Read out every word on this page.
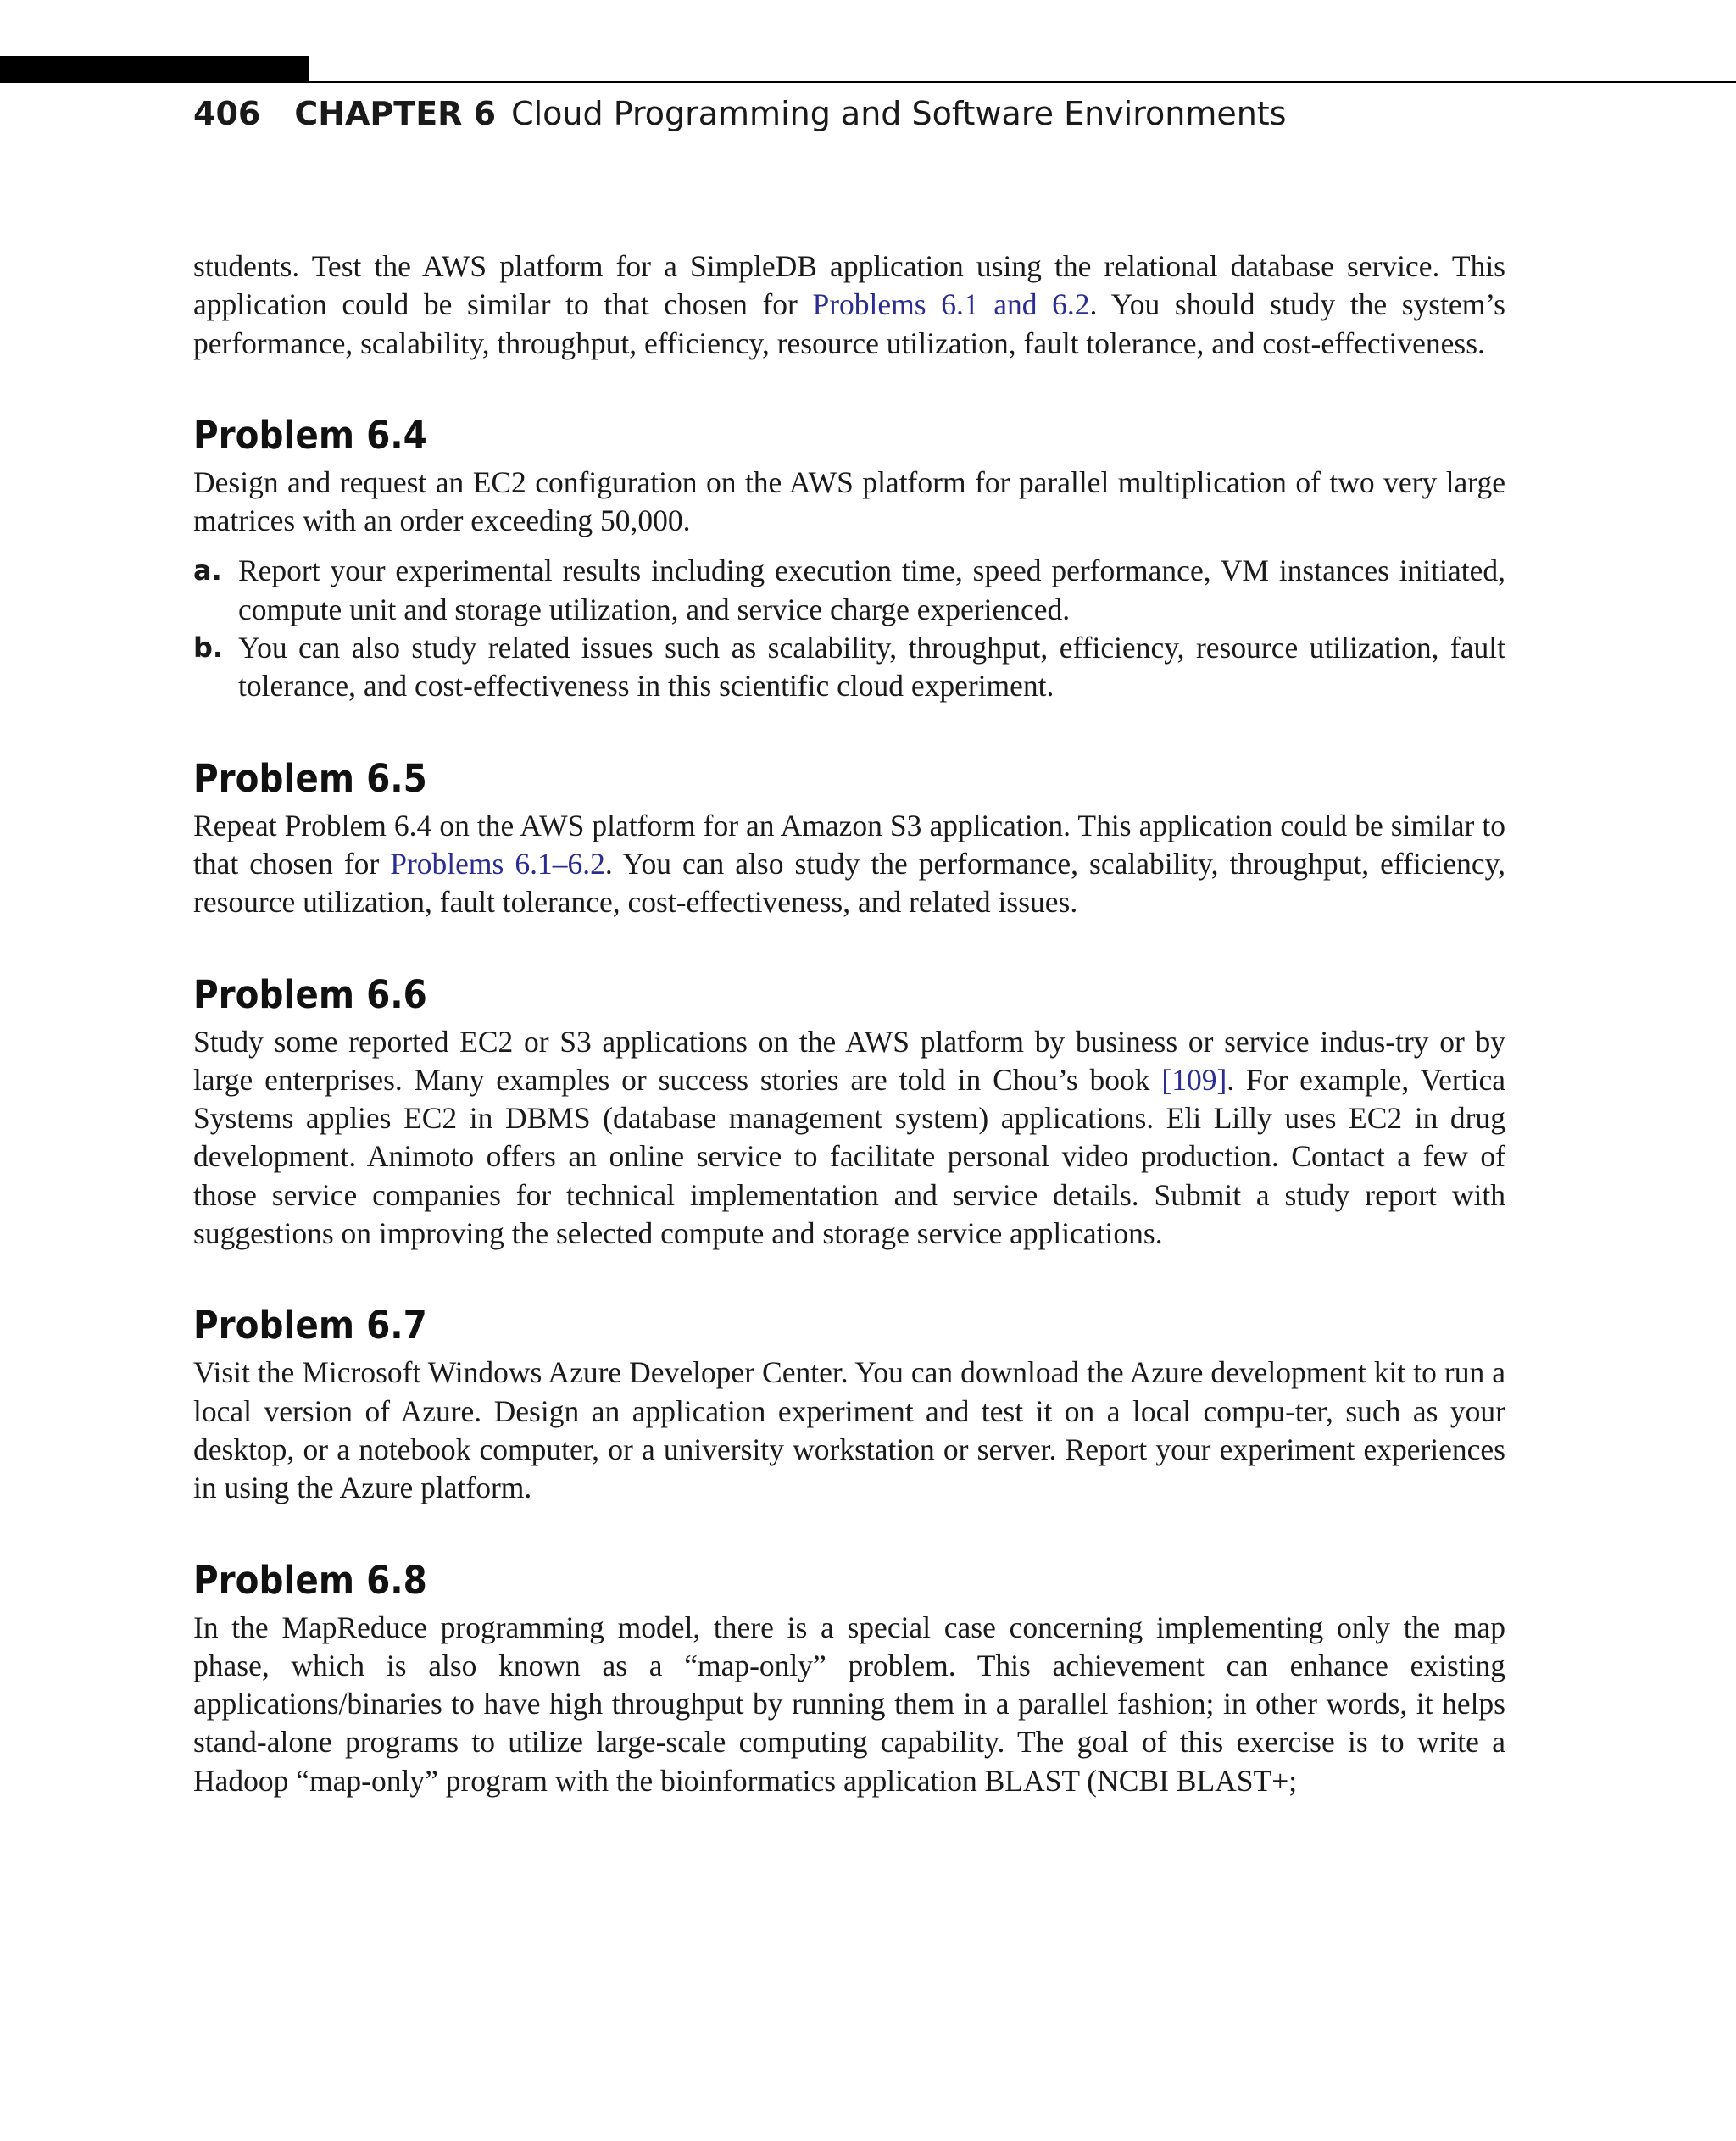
406 CHAPTER 6 Cloud Programming and Software Environments

students. Test the AWS platform for a SimpleDB application using the relational database service. This application could be similar to that chosen for Problems 6.1 and 6.2. You should study the system’s performance, scalability, throughput, efficiency, resource utilization, fault tolerance, and cost-effectiveness.

Problem 6.4

Design and request an EC2 configuration on the AWS platform for parallel multiplication of two very large matrices with an order exceeding 50,000.

a. Report your experimental results including execution time, speed performance, VM instances initiated, compute unit and storage utilization, and service charge experienced.
b. You can also study related issues such as scalability, throughput, efficiency, resource utilization, fault tolerance, and cost-effectiveness in this scientific cloud experiment.
Problem 6.5

Repeat Problem 6.4 on the AWS platform for an Amazon S3 application. This application could be similar to that chosen for Problems 6.1–6.2. You can also study the performance, scalability, throughput, efficiency, resource utilization, fault tolerance, cost-effectiveness, and related issues.

Problem 6.6

Study some reported EC2 or S3 applications on the AWS platform by business or service indus-try or by large enterprises. Many examples or success stories are told in Chou’s book [109]. For example, Vertica Systems applies EC2 in DBMS (database management system) applications. Eli Lilly uses EC2 in drug development. Animoto offers an online service to facilitate personal video production. Contact a few of those service companies for technical implementation and service details. Submit a study report with suggestions on improving the selected compute and storage service applications.

Problem 6.7

Visit the Microsoft Windows Azure Developer Center. You can download the Azure development kit to run a local version of Azure. Design an application experiment and test it on a local compu-ter, such as your desktop, or a notebook computer, or a university workstation or server. Report your experiment experiences in using the Azure platform.

Problem 6.8

In the MapReduce programming model, there is a special case concerning implementing only the map phase, which is also known as a “map-only” problem. This achievement can enhance existing applications/binaries to have high throughput by running them in a parallel fashion; in other words, it helps stand-alone programs to utilize large-scale computing capability. The goal of this exercise is to write a Hadoop “map-only” program with the bioinformatics application BLAST (NCBI BLAST+;
